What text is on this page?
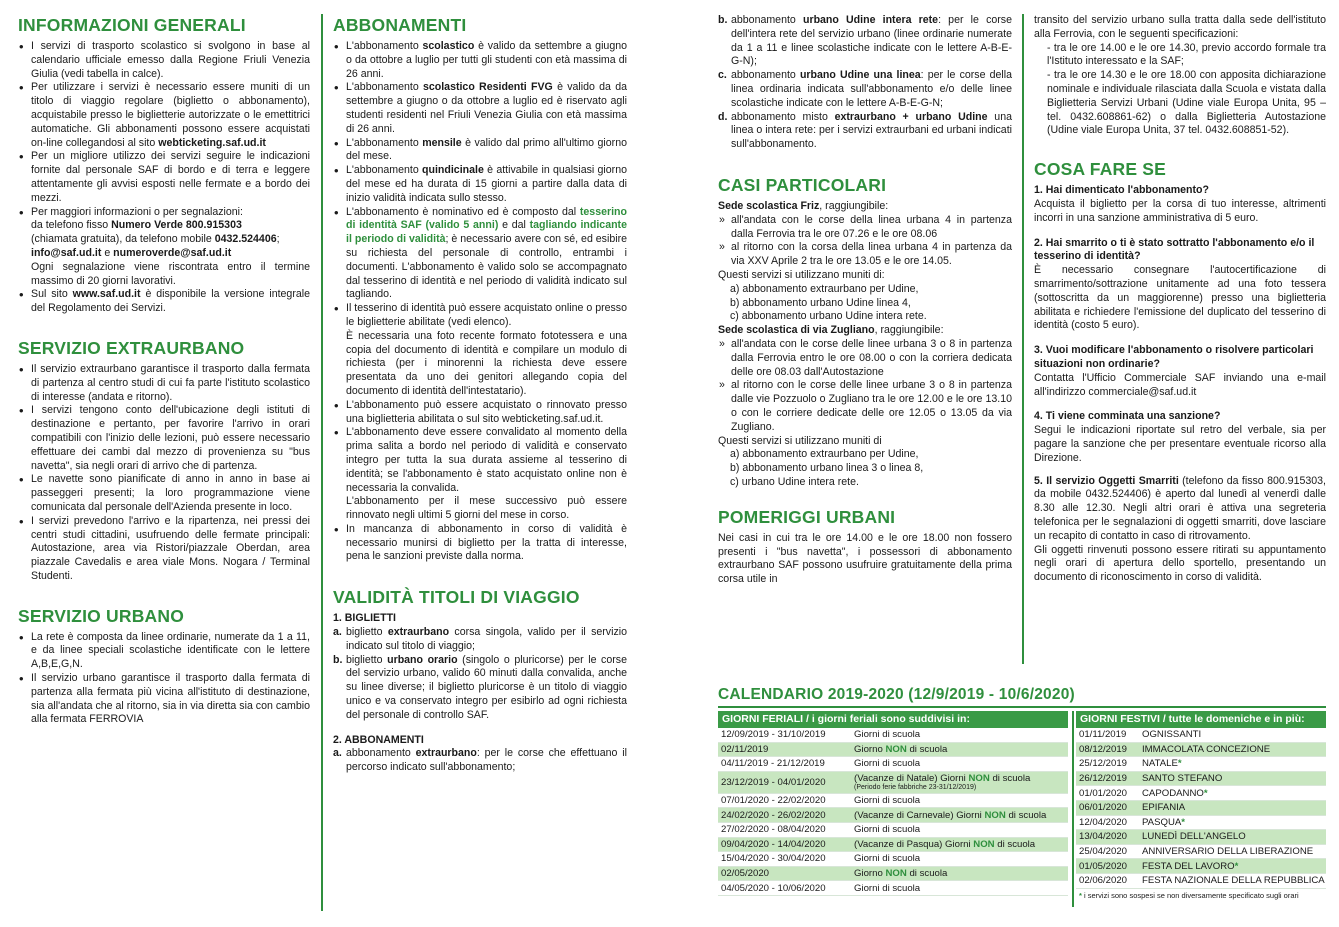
INFORMAZIONI GENERALI
• I servizi di trasporto scolastico si svolgono in base al calendario ufficiale emesso dalla Regione Friuli Venezia Giulia (vedi tabella in calce).
• Per utilizzare i servizi è necessario essere muniti di un titolo di viaggio regolare (biglietto o abbonamento), acquistabile presso le biglietterie autorizzate o le emettitrici automatiche. Gli abbonamenti possono essere acquistati on-line collegandosi al sito webticketing.saf.ud.it
• Per un migliore utilizzo dei servizi seguire le indicazioni fornite dal personale SAF di bordo e di terra e leggere attentamente gli avvisi esposti nelle fermate e a bordo dei mezzi.
• Per maggiori informazioni o per segnalazioni:
da telefono fisso Numero Verde 800.915303
(chiamata gratuita), da telefono mobile 0432.524406;
info@saf.ud.it e numeroverde@saf.ud.it
Ogni segnalazione viene riscontrata entro il termine massimo di 20 giorni lavorativi.
• Sul sito www.saf.ud.it è disponibile la versione integrale del Regolamento dei Servizi.
SERVIZIO EXTRAURBANO
• Il servizio extraurbano garantisce il trasporto dalla fermata di partenza al centro studi di cui fa parte l'istituto scolastico di interesse (andata e ritorno).
• I servizi tengono conto dell'ubicazione degli istituti di destinazione e pertanto, per favorire l'arrivo in orari compatibili con l'inizio delle lezioni, può essere necessario effettuare dei cambi dal mezzo di provenienza su "bus navetta", sia negli orari di arrivo che di partenza.
• Le navette sono pianificate di anno in anno in base ai passeggeri presenti; la loro programmazione viene comunicata dal personale dell'Azienda presente in loco.
• I servizi prevedono l'arrivo e la ripartenza, nei pressi dei centri studi cittadini, usufruendo delle fermate principali: Autostazione, area via Ristori/piazzale Oberdan, area piazzale Cavedalis e area viale Mons. Nogara / Terminal Studenti.
SERVIZIO URBANO
• La rete è composta da linee ordinarie, numerate da 1 a 11, e da linee speciali scolastiche identificate con le lettere A,B,E,G,N.
• Il servizio urbano garantisce il trasporto dalla fermata di partenza alla fermata più vicina all'istituto di destinazione, sia all'andata che al ritorno, sia in via diretta sia con cambio alla fermata FERROVIA
ABBONAMENTI
• L'abbonamento scolastico è valido da settembre a giugno o da ottobre a luglio per tutti gli studenti con età massima di 26 anni.
• L'abbonamento scolastico Residenti FVG è valido da da settembre a giugno o da ottobre a luglio ed è riservato agli studenti residenti nel Friuli Venezia Giulia con età massima di 26 anni.
• L'abbonamento mensile è valido dal primo all'ultimo giorno del mese.
• L'abbonamento quindicinale è attivabile in qualsiasi giorno del mese ed ha durata di 15 giorni a partire dalla data di inizio validità indicata sullo stesso.
• L'abbonamento è nominativo ed è composto dal tesserino di identità SAF (valido 5 anni) e dal tagliando indicante il periodo di validità; è necessario avere con sé, ed esibire su richiesta del personale di controllo, entrambi i documenti. L'abbonamento è valido solo se accompagnato dal tesserino di identità e nel periodo di validità indicato sul tagliando.
• Il tesserino di identità può essere acquistato online o presso le biglietterie abilitate (vedi elenco).
È necessaria una foto recente formato fototessera e una copia del documento di identità e compilare un modulo di richiesta (per i minorenni la richiesta deve essere presentata da uno dei genitori allegando copia del documento di identità dell'intestatario).
• L'abbonamento può essere acquistato o rinnovato presso una biglietteria abilitata o sul sito webticketing.saf.ud.it.
• L'abbonamento deve essere convalidato al momento della prima salita a bordo nel periodo di validità e conservato integro per tutta la sua durata assieme al tesserino di identità; se l'abbonamento è stato acquistato online non è necessaria la convalida.
L'abbonamento per il mese successivo può essere rinnovato negli ultimi 5 giorni del mese in corso.
• In mancanza di abbonamento in corso di validità è necessario munirsi di biglietto per la tratta di interesse, pena le sanzioni previste dalla norma.
VALIDITÀ TITOLI DI VIAGGIO
1. BIGLIETTI
a. biglietto extraurbano corsa singola, valido per il servizio indicato sul titolo di viaggio;
b. biglietto urbano orario (singolo o pluricorse) per le corse del servizio urbano, valido 60 minuti dalla convalida, anche su linee diverse; il biglietto pluricorse è un titolo di viaggio unico e va conservato integro per esibirlo ad ogni richiesta del personale di controllo SAF.
2. ABBONAMENTI
a. abbonamento extraurbano: per le corse che effettuano il percorso indicato sull'abbonamento;
b. abbonamento urbano Udine intera rete: per le corse dell'intera rete del servizio urbano (linee ordinarie numerate da 1 a 11 e linee scolastiche indicate con le lettere A-B-E-G-N);
c. abbonamento urbano Udine una linea: per le corse della linea ordinaria indicata sull'abbonamento e/o delle linee scolastiche indicate con le lettere A-B-E-G-N;
d. abbonamento misto extraurbano + urbano Udine una linea o intera rete: per i servizi extraurbani ed urbani indicati sull'abbonamento.
CASI PARTICOLARI
Sede scolastica Friz, raggiungibile:
» all'andata con le corse della linea urbana 4 in partenza dalla Ferrovia tra le ore 07.26 e le ore 08.06
» al ritorno con la corsa della linea urbana 4 in partenza da via XXV Aprile 2 tra le ore 13.05 e le ore 14.05.
Questi servizi si utilizzano muniti di:
a) abbonamento extraurbano per Udine,
b) abbonamento urbano Udine linea 4,
c) abbonamento urbano Udine intera rete.
Sede scolastica di via Zugliano, raggiungibile:
» all'andata con le corse delle linee urbana 3 o 8 in partenza dalla Ferrovia entro le ore 08.00 o con la corriera dedicata delle ore 08.03 dall'Autostazione
» al ritorno con le corse delle linee urbane 3 o 8 in partenza dalle vie Pozzuolo o Zugliano tra le ore 12.00 e le ore 13.10 o con le corriere dedicate delle ore 12.05 o 13.05 da via Zugliano.
Questi servizi si utilizzano muniti di
a) abbonamento extraurbano per Udine,
b) abbonamento urbano linea 3 o linea 8,
c) urbano Udine intera rete.
POMERIGGI URBANI

Nei casi in cui tra le ore 14.00 e le ore 18.00 non fossero presenti i "bus navetta", i possessori di abbonamento extraurbano SAF possono usufruire gratuitamente della prima corsa utile in

transito del servizio urbano sulla tratta dalla sede dell'istituto alla Ferrovia, con le seguenti specificazioni:

- tra le ore 14.00 e le ore 14.30, previo accordo formale tra l'Istituto interessato e la SAF;

- tra le ore 14.30 e le ore 18.00 con apposita dichiarazione nominale e individuale rilasciata dalla Scuola e vistata dalla Biglietteria Servizi Urbani (Udine viale Europa Unita, 95 – tel. 0432.608861-62) o dalla Biglietteria Autostazione (Udine viale Europa Unita, 37 tel. 0432.608851-52).

COSA FARE SE
1. Hai dimenticato l'abbonamento?

Acquista il biglietto per la corsa di tuo interesse, altrimenti incorri in una sanzione amministrativa di 5 euro.

2. Hai smarrito o ti è stato sottratto l'abbonamento e/o il tesserino di identità?

È necessario consegnare l'autocertificazione di smarrimento/sottrazione unitamente ad una foto tessera (sottoscritta da un maggiorenne) presso una biglietteria abilitata e richiedere l'emissione del duplicato del tesserino di identità (costo 5 euro).

3. Vuoi modificare l'abbonamento o risolvere particolari situazioni non ordinarie?

Contatta l'Ufficio Commerciale SAF inviando una e-mail all'indirizzo commerciale@saf.ud.it

4. Ti viene comminata una sanzione?

Segui le indicazioni riportate sul retro del verbale, sia per pagare la sanzione che per presentare eventuale ricorso alla Direzione.

5. Il servizio Oggetti Smarriti (telefono da fisso 800.915303, da mobile 0432.524406) è aperto dal lunedì al venerdì dalle 8.30 alle 12.30. Negli altri orari è attiva una segreteria telefonica per le segnalazioni di oggetti smarriti, dove lasciare un recapito di contatto in caso di ritrovamento.

Gli oggetti rinvenuti possono essere ritirati su appuntamento negli orari di apertura dello sportello, presentando un documento di riconoscimento in corso di validità.

CALENDARIO 2019-2020 (12/9/2019 - 10/6/2020)
GIORNI FERIALI / i giorni feriali sono suddivisi in:
12/09/2019 - 31/10/2019	Giorni di scuola
02/11/2019	Giorno NON di scuola
04/11/2019 - 21/12/2019	Giorni di scuola
23/12/2019 - 04/01/2020	(Vacanze di Natale) Giorni NON di scuola
(Periodo ferie fabbriche 23-31/12/2019)
07/01/2020 - 22/02/2020	Giorni di scuola
24/02/2020 - 26/02/2020	(Vacanze di Carnevale) Giorni NON di scuola
27/02/2020 - 08/04/2020	Giorni di scuola
09/04/2020 - 14/04/2020	(Vacanze di Pasqua) Giorni NON di scuola
15/04/2020 - 30/04/2020	Giorni di scuola
02/05/2020	Giorno NON di scuola
04/05/2020 - 10/06/2020	Giorni di scuola
GIORNI FESTIVI / tutte le domeniche e in più:
01/11/2019	OGNISSANTI
08/12/2019	IMMACOLATA CONCEZIONE
25/12/2019	NATALE*
26/12/2019	SANTO STEFANO
01/01/2020	CAPODANNO*
06/01/2020	EPIFANIA
12/04/2020	PASQUA*
13/04/2020	LUNEDÌ DELL'ANGELO
25/04/2020	ANNIVERSARIO DELLA LIBERAZIONE
01/05/2020	FESTA DEL LAVORO*
02/06/2020	FESTA NAZIONALE DELLA REPUBBLICA
* i servizi sono sospesi se non diversamente specificato sugli orari
